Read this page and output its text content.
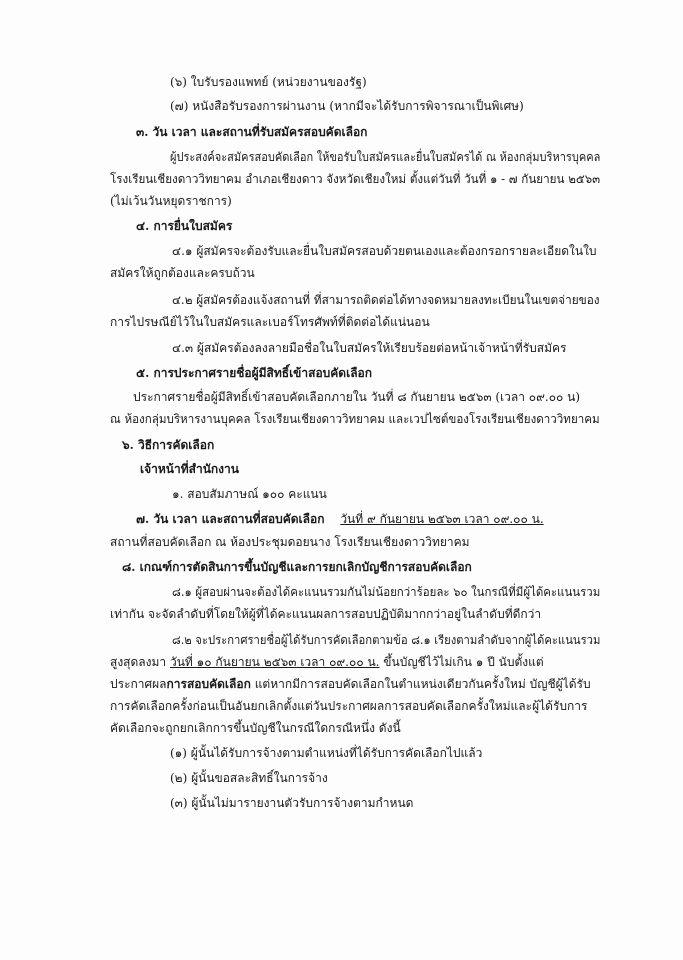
(๖) ใบรับรองแพทย์ (หน่วยงานของรัฐ)
(๗) หนังสือรับรองการผ่านงาน (หากมีจะได้รับการพิจารณาเป็นพิเศษ)
๓. วัน เวลา และสถานที่รับสมัครสอบคัดเลือก
ผู้ประสงค์จะสมัครสอบคัดเลือก ให้ขอรับใบสมัครและยื่นใบสมัครได้ ณ ห้องกลุ่มบริหารบุคคล
โรงเรียนเชียงดาววิทยาคม อำเภอเชียงดาว จังหวัดเชียงใหม่ ตั้งแต่วันที่ วันที่ ๑ - ๗ กันยายน ๒๕๖๓
(ไม่เว้นวันหยุดราชการ)
๔. การยื่นใบสมัคร
๔.๑ ผู้สมัครจะต้องรับและยื่นใบสมัครสอบด้วยตนเองและต้องกรอกรายละเอียดในใบ
สมัครให้ถูกต้องและครบถ้วน
๔.๒ ผู้สมัครต้องแจ้งสถานที่ ที่สามารถติดต่อได้ทางจดหมายลงทะเบียนในเขตจ่ายของ
การไปรษณีย์ไว้ในใบสมัครและเบอร์โทรศัพท์ที่ติดต่อได้แน่นอน
๔.๓ ผู้สมัครต้องลงลายมือชื่อในใบสมัครให้เรียบร้อยต่อหน้าเจ้าหน้าที่รับสมัคร
๕. การประกาศรายชื่อผู้มีสิทธิ์เข้าสอบคัดเลือก
ประกาศรายชื่อผู้มีสิทธิ์เข้าสอบคัดเลือกภายใน วันที่ ๘ กันยายน ๒๕๖๓ (เวลา ๐๙.๐๐ น)
ณ ห้องกลุ่มบริหารงานบุคคล โรงเรียนเชียงดาววิทยาคม และเวปไซต์ของโรงเรียนเชียงดาววิทยาคม
๖. วิธีการคัดเลือก
เจ้าหน้าที่สำนักงาน
๑. สอบสัมภาษณ์ ๑๐๐ คะแนน
๗. วัน เวลา และสถานที่สอบคัดเลือก วันที่ ๙ กันยายน ๒๕๖๓ เวลา ๐๙.๐๐ น.
สถานที่สอบคัดเลือก ณ ห้องประชุมดอยนาง โรงเรียนเชียงดาววิทยาคม
๘. เกณฑ์การตัดสินการขึ้นบัญชีและการยกเลิกบัญชีการสอบคัดเลือก
๘.๑ ผู้สอบผ่านจะต้องได้คะแนนรวมกันไม่น้อยกว่าร้อยละ ๖๐ ในกรณีที่มีผู้ได้คะแนนรวม
เท่ากัน จะจัดลำดับที่โดยให้ผู้ที่ได้คะแนนผลการสอบปฏิบัติมากกว่าอยู่ในลำดับที่ดีกว่า
๘.๒ จะประกาศรายชื่อผู้ได้รับการคัดเลือกตามข้อ ๘.๑ เรียงตามลำดับจากผู้ได้คะแนนรวม
สูงสุดลงมา วันที่ ๑๐ กันยายน ๒๕๖๓ เวลา ๐๙.๐๐ น. ขึ้นบัญชีไว้ไม่เกิน ๑ ปี นับตั้งแต่
ประกาศผลการสอบคัดเลือก แต่หากมีการสอบคัดเลือกในตำแหน่งเดียวกันครั้งใหม่ บัญชีผู้ได้รับ
การคัดเลือกครั้งก่อนเป็นอันยกเลิกตั้งแต่วันประกาศผลการสอบคัดเลือกครั้งใหม่และผู้ได้รับการ
คัดเลือกจะถูกยกเลิกการขึ้นบัญชีในกรณีใดกรณีหนึ่ง ดังนี้
(๑) ผู้นั้นได้รับการจ้างตามตำแหน่งที่ได้รับการคัดเลือกไปแล้ว
(๒) ผู้นั้นขอสละสิทธิ์ในการจ้าง
(๓) ผู้นั้นไม่มารายงานตัวรับการจ้างตามกำหนด
